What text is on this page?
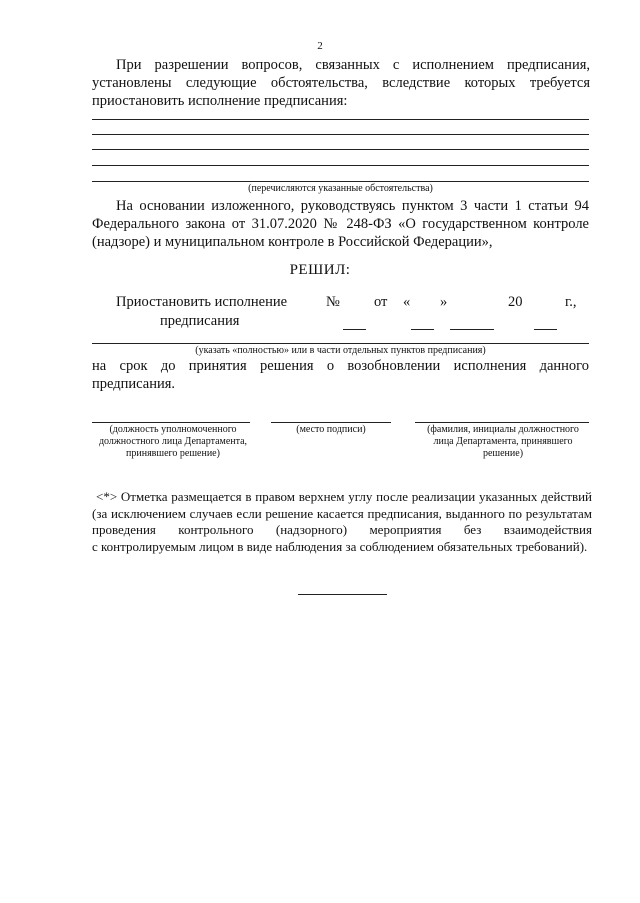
2
При разрешении вопросов, связанных с исполнением предписания,
установлены следующие обстоятельства, вследствие которых требуется
приостановить исполнение предписания:
(перечисляются указанные обстоятельства)
На основании изложенного, руководствуясь пунктом 3 части 1 статьи 94
Федерального закона от 31.07.2020 № 248-ФЗ «О государственном контроле
(надзоре) и муниципальном контроле в Российской Федерации»,
РЕШИЛ:
Приостановить исполнение
предписания
№ от « »	20	г.,
(указать «полностью» или в части отдельных пунктов предписания)
на срок до принятия решения о возобновлении исполнения данного
предписания.
(должность уполномоченного должностного лица Департамента, принявшего решение)
(место подписи)	(фамилия, инициалы должностного лица Департамента, принявшего решение)
<*> Отметка размещается в правом верхнем углу после реализации указанных действий
(за исключением случаев если решение касается предписания, выданного по результатам
проведения контрольного (надзорного) мероприятия без взаимодействия
с контролируемым лицом в виде наблюдения за соблюдением обязательных требований).
